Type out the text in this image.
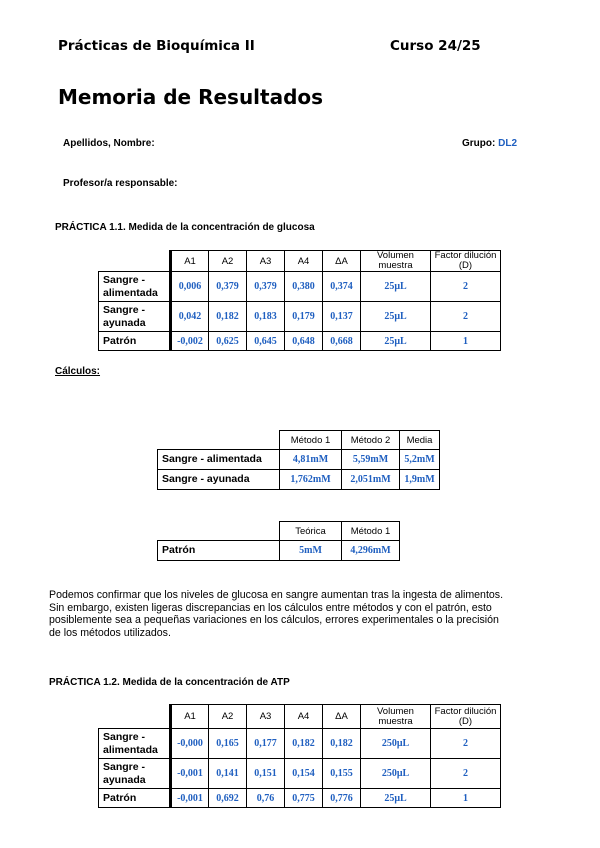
Prácticas de Bioquímica II	Curso 24/25
Memoria de Resultados
Apellidos, Nombre:	Grupo: DL2
Profesor/a responsable:
PRÁCTICA 1.1. Medida de la concentración de glucosa
	A1	A2	A3	A4	ΔA	Volumen muestra	Factor dilución (D)
Sangre - alimentada	0,006	0,379	0,379	0,380	0,374	25μL	2
Sangre - ayunada	0,042	0,182	0,183	0,179	0,137	25μL	2
Patrón	-0,002	0,625	0,645	0,648	0,668	25μL	1
Cálculos:
	Método 1	Método 2	Media
Sangre - alimentada	4,81mM	5,59mM	5,2mM
Sangre - ayunada	1,762mM	2,051mM	1,9mM
	Teórica	Método 1
Patrón	5mM	4,296mM
Podemos confirmar que los niveles de glucosa en sangre aumentan tras la ingesta de alimentos.
Sin embargo, existen ligeras discrepancias en los cálculos entre métodos y con el patrón, esto
posiblemente sea a pequeñas variaciones en los cálculos, errores experimentales o la precisión
de los métodos utilizados.
PRÁCTICA 1.2. Medida de la concentración de ATP
	A1	A2	A3	A4	ΔA	Volumen muestra	Factor dilución (D)
Sangre - alimentada	-0,000	0,165	0,177	0,182	0,182	250μL	2
Sangre - ayunada	-0,001	0,141	0,151	0,154	0,155	250μL	2
Patrón	-0,001	0,692	0,76	0,775	0,776	25μL	1
